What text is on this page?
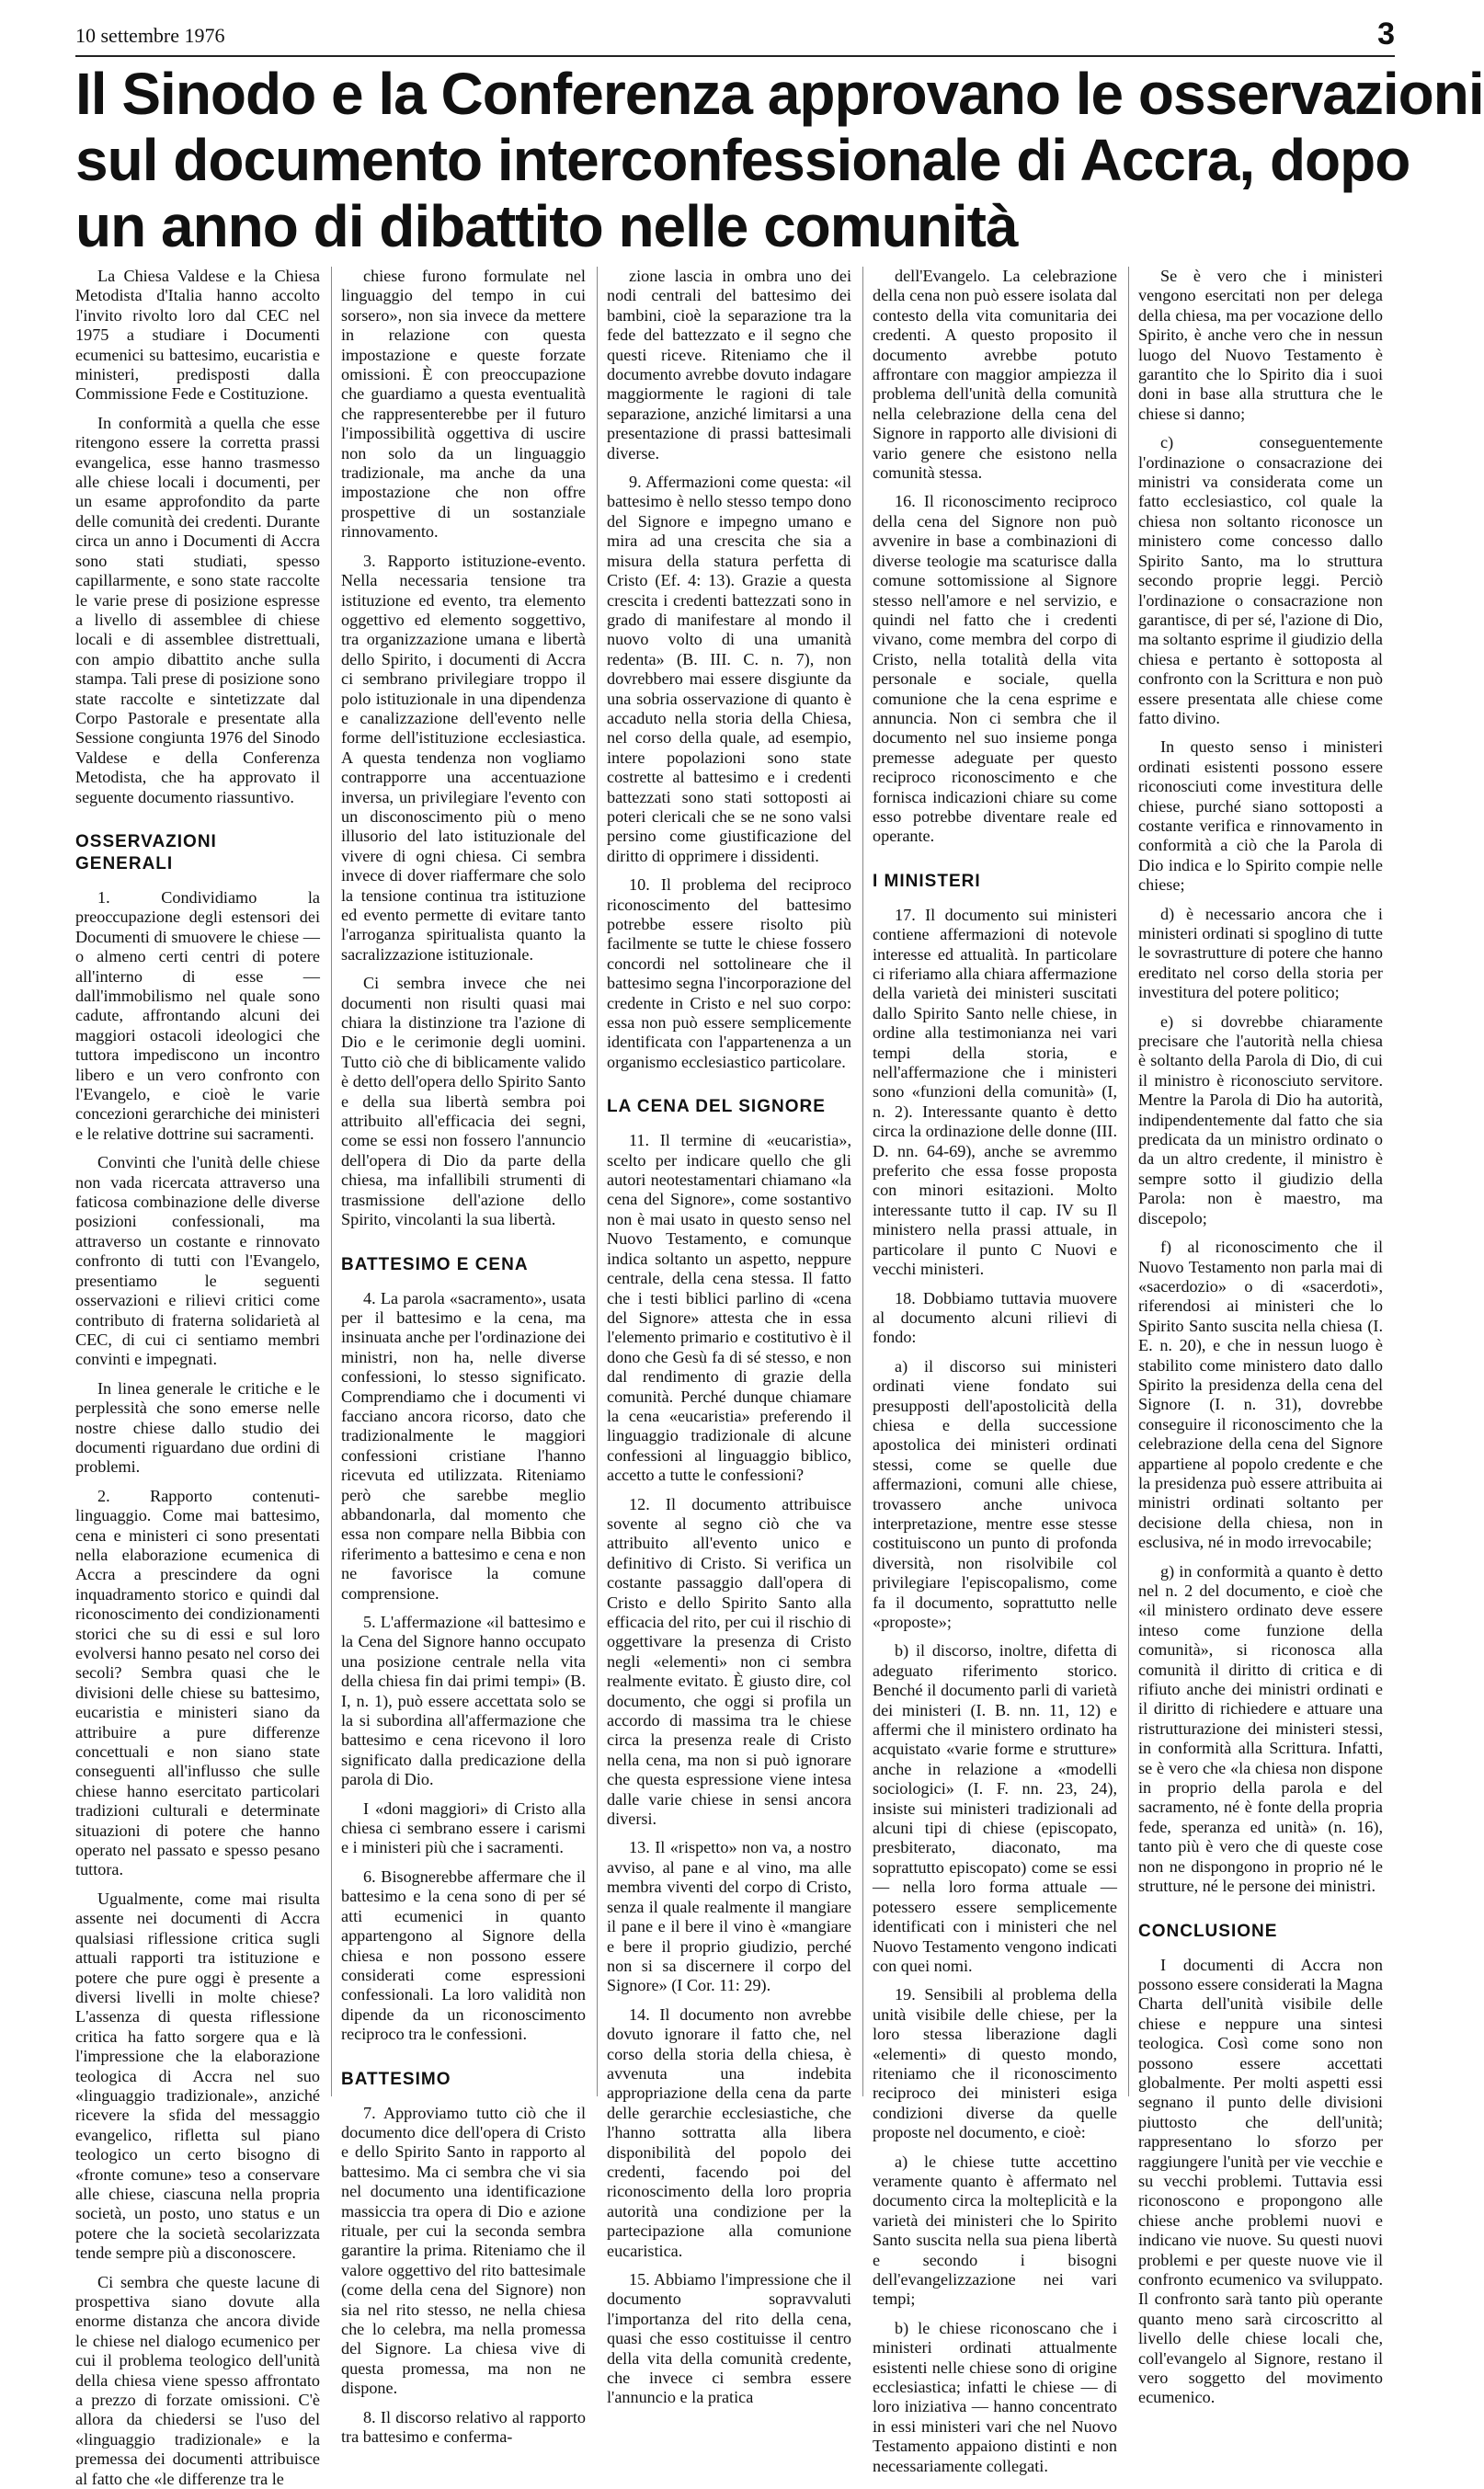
10 settembre 1976	3
Il Sinodo e la Conferenza approvano le osservazioni
sul documento interconfessionale di Accra, dopo
un anno di dibattito nelle comunità

La Chiesa Valdese e la Chiesa Metodista d'Italia hanno accolto l'invito rivolto loro dal CEC nel 1975 a studiare i Documenti ecumenici su battesimo, eucaristia e ministeri, predisposti dalla Commissione Fede e Costituzione.

In conformità a quella che esse ritengono essere la corretta prassi evangelica, esse hanno trasmesso alle chiese locali i documenti, per un esame approfondito da parte delle comunità dei credenti. Durante circa un anno i Documenti di Accra sono stati studiati, spesso capillarmente, e sono state raccolte le varie prese di posizione espresse a livello di assemblee di chiese locali e di assemblee distrettuali, con ampio dibattito anche sulla stampa. Tali prese di posizione sono state raccolte e sintetizzate dal Corpo Pastorale e presentate alla Sessione congiunta 1976 del Sinodo Valdese e della Conferenza Metodista, che ha approvato il seguente documento riassuntivo.

OSSERVAZIONI GENERALI

1. Condividiamo la preoccupazione degli estensori dei Documenti di smuovere le chiese — o almeno certi centri di potere all'interno di esse — dall'immobilismo nel quale sono cadute, affrontando alcuni dei maggiori ostacoli ideologici che tuttora impediscono un incontro libero e un vero confronto con l'Evangelo, e cioè le varie concezioni gerarchiche dei ministeri e le relative dottrine sui sacramenti.

Convinti che l'unità delle chiese non vada ricercata attraverso una faticosa combinazione delle diverse posizioni confessionali, ma attraverso un costante e rinnovato confronto di tutti con l'Evangelo, presentiamo le seguenti osservazioni e rilievi critici come contributo di fraterna solidarietà al CEC, di cui ci sentiamo membri convinti e impegnati.

In linea generale le critiche e le perplessità che sono emerse nelle nostre chiese dallo studio dei documenti riguardano due ordini di problemi.

2. Rapporto contenuti-linguaggio. Come mai battesimo, cena e ministeri ci sono presentati nella elaborazione ecumenica di Accra a prescindere da ogni inquadramento storico e quindi dal riconoscimento dei condizionamenti storici che su di essi e sul loro evolversi hanno pesato nel corso dei secoli? Sembra quasi che le divisioni delle chiese su battesimo, eucaristia e ministeri siano da attribuire a pure differenze concettuali e non siano state conseguenti all'influsso che sulle chiese hanno esercitato particolari tradizioni culturali e determinate situazioni di potere che hanno operato nel passato e spesso pesano tuttora.

Ugualmente, come mai risulta assente nei documenti di Accra qualsiasi riflessione critica sugli attuali rapporti tra istituzione e potere che pure oggi è presente a diversi livelli in molte chiese? L'assenza di questa riflessione critica ha fatto sorgere qua e là l'impressione che la elaborazione teologica di Accra nel suo «linguaggio tradizionale», anziché ricevere la sfida del messaggio evangelico, rifletta sul piano teologico un certo bisogno di «fronte comune» teso a conservare alle chiese, ciascuna nella propria società, un posto, uno status e un potere che la società secolarizzata tende sempre più a disconoscere.

Ci sembra che queste lacune di prospettiva siano dovute alla enorme distanza che ancora divide le chiese nel dialogo ecumenico per cui il problema teologico dell'unità della chiesa viene spesso affrontato a prezzo di forzate omissioni. C'è allora da chiedersi se l'uso del «linguaggio tradizionale» e la premessa dei documenti attribuisce al fatto che «le differenze tra le

chiese furono formulate nel linguaggio del tempo in cui sorsero», non sia invece da mettere in relazione con questa impostazione e queste forzate omissioni. È con preoccupazione che guardiamo a questa eventualità che rappresenterebbe per il futuro l'impossibilità oggettiva di uscire non solo da un linguaggio tradizionale, ma anche da una impostazione che non offre prospettive di un sostanziale rinnovamento.

3. Rapporto istituzione-evento. Nella necessaria tensione tra istituzione ed evento, tra elemento oggettivo ed elemento soggettivo, tra organizzazione umana e libertà dello Spirito, i documenti di Accra ci sembrano privilegiare troppo il polo istituzionale in una dipendenza e canalizzazione dell'evento nelle forme dell'istituzione ecclesiastica. A questa tendenza non vogliamo contrapporre una accentuazione inversa, un privilegiare l'evento con un disconoscimento più o meno illusorio del lato istituzionale del vivere di ogni chiesa. Ci sembra invece di dover riaffermare che solo la tensione continua tra istituzione ed evento permette di evitare tanto l'arroganza spiritualista quanto la sacralizzazione istituzionale.

Ci sembra invece che nei documenti non risulti quasi mai chiara la distinzione tra l'azione di Dio e le cerimonie degli uomini. Tutto ciò che di biblicamente valido è detto dell'opera dello Spirito Santo e della sua libertà sembra poi attribuito all'efficacia dei segni, come se essi non fossero l'annuncio dell'opera di Dio da parte della chiesa, ma infallibili strumenti di trasmissione dell'azione dello Spirito, vincolanti la sua libertà.

BATTESIMO E CENA

4. La parola «sacramento», usata per il battesimo e la cena, ma insinuata anche per l'ordinazione dei ministri, non ha, nelle diverse confessioni, lo stesso significato. Comprendiamo che i documenti vi facciano ancora ricorso, dato che tradizionalmente le maggiori confessioni cristiane l'hanno ricevuta ed utilizzata. Riteniamo però che sarebbe meglio abbandonarla, dal momento che essa non compare nella Bibbia con riferimento a battesimo e cena e non ne favorisce la comune comprensione.

5. L'affermazione «il battesimo e la Cena del Signore hanno occupato una posizione centrale nella vita della chiesa fin dai primi tempi» (B. I, n. 1), può essere accettata solo se la si subordina all'affermazione che battesimo e cena ricevono il loro significato dalla predicazione della parola di Dio.

I «doni maggiori» di Cristo alla chiesa ci sembrano essere i carismi e i ministeri più che i sacramenti.

6. Bisognerebbe affermare che il battesimo e la cena sono di per sé atti ecumenici in quanto appartengono al Signore della chiesa e non possono essere considerati come espressioni confessionali. La loro validità non dipende da un riconoscimento reciproco tra le confessioni.

BATTESIMO

7. Approviamo tutto ciò che il documento dice dell'opera di Cristo e dello Spirito Santo in rapporto al battesimo. Ma ci sembra che vi sia nel documento una identificazione massiccia tra opera di Dio e azione rituale, per cui la seconda sembra garantire la prima. Riteniamo che il valore oggettivo del rito battesimale (come della cena del Signore) non sia nel rito stesso, ne nella chiesa che lo celebra, ma nella promessa del Signore. La chiesa vive di questa promessa, ma non ne dispone.

8. Il discorso relativo al rapporto tra battesimo e conferma-

zione lascia in ombra uno dei nodi centrali del battesimo dei bambini, cioè la separazione tra la fede del battezzato e il segno che questi riceve. Riteniamo che il documento avrebbe dovuto indagare maggiormente le ragioni di tale separazione, anziché limitarsi a una presentazione di prassi battesimali diverse.

9. Affermazioni come questa: «il battesimo è nello stesso tempo dono del Signore e impegno umano e mira ad una crescita che sia a misura della statura perfetta di Cristo (Ef. 4: 13). Grazie a questa crescita i credenti battezzati sono in grado di manifestare al mondo il nuovo volto di una umanità redenta» (B. III. C. n. 7), non dovrebbero mai essere disgiunte da una sobria osservazione di quanto è accaduto nella storia della Chiesa, nel corso della quale, ad esempio, intere popolazioni sono state costrette al battesimo e i credenti battezzati sono stati sottoposti ai poteri clericali che se ne sono valsi persino come giustificazione del diritto di opprimere i dissidenti.

10. Il problema del reciproco riconoscimento del battesimo potrebbe essere risolto più facilmente se tutte le chiese fossero concordi nel sottolineare che il battesimo segna l'incorporazione del credente in Cristo e nel suo corpo: essa non può essere semplicemente identificata con l'appartenenza a un organismo ecclesiastico particolare.

LA CENA DEL SIGNORE

11. Il termine di «eucaristia», scelto per indicare quello che gli autori neotestamentari chiamano «la cena del Signore», come sostantivo non è mai usato in questo senso nel Nuovo Testamento, e comunque indica soltanto un aspetto, neppure centrale, della cena stessa. Il fatto che i testi biblici parlino di «cena del Signore» attesta che in essa l'elemento primario e costitutivo è il dono che Gesù fa di sé stesso, e non dal rendimento di grazie della comunità. Perché dunque chiamare la cena «eucaristia» preferendo il linguaggio tradizionale di alcune confessioni al linguaggio biblico, accetto a tutte le confessioni?

12. Il documento attribuisce sovente al segno ciò che va attribuito all'evento unico e definitivo di Cristo. Si verifica un costante passaggio dall'opera di Cristo e dello Spirito Santo alla efficacia del rito, per cui il rischio di oggettivare la presenza di Cristo negli «elementi» non ci sembra realmente evitato. È giusto dire, col documento, che oggi si profila un accordo di massima tra le chiese circa la presenza reale di Cristo nella cena, ma non si può ignorare che questa espressione viene intesa dalle varie chiese in sensi ancora diversi.

13. Il «rispetto» non va, a nostro avviso, al pane e al vino, ma alle membra viventi del corpo di Cristo, senza il quale realmente il mangiare il pane e il bere il vino è «mangiare e bere il proprio giudizio, perché non si sa discernere il corpo del Signore» (I Cor. 11: 29).

14. Il documento non avrebbe dovuto ignorare il fatto che, nel corso della storia della chiesa, è avvenuta una indebita appropriazione della cena da parte delle gerarchie ecclesiastiche, che l'hanno sottratta alla libera disponibilità del popolo dei credenti, facendo poi del riconoscimento della loro propria autorità una condizione per la partecipazione alla comunione eucaristica.

15. Abbiamo l'impressione che il documento sopravvaluti l'importanza del rito della cena, quasi che esso costituisse il centro della vita della comunità credente, che invece ci sembra essere l'annuncio e la pratica

dell'Evangelo. La celebrazione della cena non può essere isolata dal contesto della vita comunitaria dei credenti. A questo proposito il documento avrebbe potuto affrontare con maggior ampiezza il problema dell'unità della comunità nella celebrazione della cena del Signore in rapporto alle divisioni di vario genere che esistono nella comunità stessa.

16. Il riconoscimento reciproco della cena del Signore non può avvenire in base a combinazioni di diverse teologie ma scaturisce dalla comune sottomissione al Signore stesso nell'amore e nel servizio, e quindi nel fatto che i credenti vivano, come membra del corpo di Cristo, nella totalità della vita personale e sociale, quella comunione che la cena esprime e annuncia. Non ci sembra che il documento nel suo insieme ponga premesse adeguate per questo reciproco riconoscimento e che fornisca indicazioni chiare su come esso potrebbe diventare reale ed operante.

I MINISTERI

17. Il documento sui ministeri contiene affermazioni di notevole interesse ed attualità. In particolare ci riferiamo alla chiara affermazione della varietà dei ministeri suscitati dallo Spirito Santo nelle chiese, in ordine alla testimonianza nei vari tempi della storia, e nell'affermazione che i ministeri sono «funzioni della comunità» (I, n. 2). Interessante quanto è detto circa la ordinazione delle donne (III. D. nn. 64-69), anche se avremmo preferito che essa fosse proposta con minori esitazioni. Molto interessante tutto il cap. IV su Il ministero nella prassi attuale, in particolare il punto C Nuovi e vecchi ministeri.

18. Dobbiamo tuttavia muovere al documento alcuni rilievi di fondo:

a) il discorso sui ministeri ordinati viene fondato sui presupposti dell'apostolicità della chiesa e della successione apostolica dei ministeri ordinati stessi, come se quelle due affermazioni, comuni alle chiese, trovassero anche univoca interpretazione, mentre esse stesse costituiscono un punto di profonda diversità, non risolvibile col privilegiare l'episcopalismo, come fa il documento, soprattutto nelle «proposte»;

b) il discorso, inoltre, difetta di adeguato riferimento storico. Benché il documento parli di varietà dei ministeri (I. B. nn. 11, 12) e affermi che il ministero ordinato ha acquistato «varie forme e strutture» anche in relazione a «modelli sociologici» (I. F. nn. 23, 24), insiste sui ministeri tradizionali ad alcuni tipi di chiese (episcopato, presbiterato, diaconato, ma soprattutto episcopato) come se essi — nella loro forma attuale — potessero essere semplicemente identificati con i ministeri che nel Nuovo Testamento vengono indicati con quei nomi.

19. Sensibili al problema della unità visibile delle chiese, per la loro stessa liberazione dagli «elementi» di questo mondo, riteniamo che il riconoscimento reciproco dei ministeri esiga condizioni diverse da quelle proposte nel documento, e cioè:

a) le chiese tutte accettino veramente quanto è affermato nel documento circa la molteplicità e la varietà dei ministeri che lo Spirito Santo suscita nella sua piena libertà e secondo i bisogni dell'evangelizzazione nei vari tempi;

b) le chiese riconoscano che i ministeri ordinati attualmente esistenti nelle chiese sono di origine ecclesiastica; infatti le chiese — di loro iniziativa — hanno concentrato in essi ministeri vari che nel Nuovo Testamento appaiono distinti e non necessariamente collegati.

Se è vero che i ministeri vengono esercitati non per delega della chiesa, ma per vocazione dello Spirito, è anche vero che in nessun luogo del Nuovo Testamento è garantito che lo Spirito dia i suoi doni in base alla struttura che le chiese si danno;

c) conseguentemente l'ordinazione o consacrazione dei ministri va considerata come un fatto ecclesiastico, col quale la chiesa non soltanto riconosce un ministero come concesso dallo Spirito Santo, ma lo struttura secondo proprie leggi. Perciò l'ordinazione o consacrazione non garantisce, di per sé, l'azione di Dio, ma soltanto esprime il giudizio della chiesa e pertanto è sottoposta al confronto con la Scrittura e non può essere presentata alle chiese come fatto divino.

In questo senso i ministeri ordinati esistenti possono essere riconosciuti come investitura delle chiese, purché siano sottoposti a costante verifica e rinnovamento in conformità a ciò che la Parola di Dio indica e lo Spirito compie nelle chiese;

d) è necessario ancora che i ministeri ordinati si spoglino di tutte le sovrastrutture di potere che hanno ereditato nel corso della storia per investitura del potere politico;

e) si dovrebbe chiaramente precisare che l'autorità nella chiesa è soltanto della Parola di Dio, di cui il ministro è riconosciuto servitore. Mentre la Parola di Dio ha autorità, indipendentemente dal fatto che sia predicata da un ministro ordinato o da un altro credente, il ministro è sempre sotto il giudizio della Parola: non è maestro, ma discepolo;

f) al riconoscimento che il Nuovo Testamento non parla mai di «sacerdozio» o di «sacerdoti», riferendosi ai ministeri che lo Spirito Santo suscita nella chiesa (I. E. n. 20), e che in nessun luogo è stabilito come ministero dato dallo Spirito la presidenza della cena del Signore (I. n. 31), dovrebbe conseguire il riconoscimento che la celebrazione della cena del Signore appartiene al popolo credente e che la presidenza può essere attribuita ai ministri ordinati soltanto per decisione della chiesa, non in esclusiva, né in modo irrevocabile;

g) in conformità a quanto è detto nel n. 2 del documento, e cioè che «il ministero ordinato deve essere inteso come funzione della comunità», si riconosca alla comunità il diritto di critica e di rifiuto anche dei ministri ordinati e il diritto di richiedere e attuare una ristrutturazione dei ministeri stessi, in conformità alla Scrittura. Infatti, se è vero che «la chiesa non dispone in proprio della parola e del sacramento, né è fonte della propria fede, speranza ed unità» (n. 16), tanto più è vero che di queste cose non ne dispongono in proprio né le strutture, né le persone dei ministri.

CONCLUSIONE

I documenti di Accra non possono essere considerati la Magna Charta dell'unità visibile delle chiese e neppure una sintesi teologica. Così come sono non possono essere accettati globalmente. Per molti aspetti essi segnano il punto delle divisioni piuttosto che dell'unità; rappresentano lo sforzo per raggiungere l'unità per vie vecchie e su vecchi problemi. Tuttavia essi riconoscono e propongono alle chiese anche problemi nuovi e indicano vie nuove. Su questi nuovi problemi e per queste nuove vie il confronto ecumenico va sviluppato. Il confronto sarà tanto più operante quanto meno sarà circoscritto al livello delle chiese locali che, coll'evangelo al Signore, restano il vero soggetto del movimento ecumenico.
